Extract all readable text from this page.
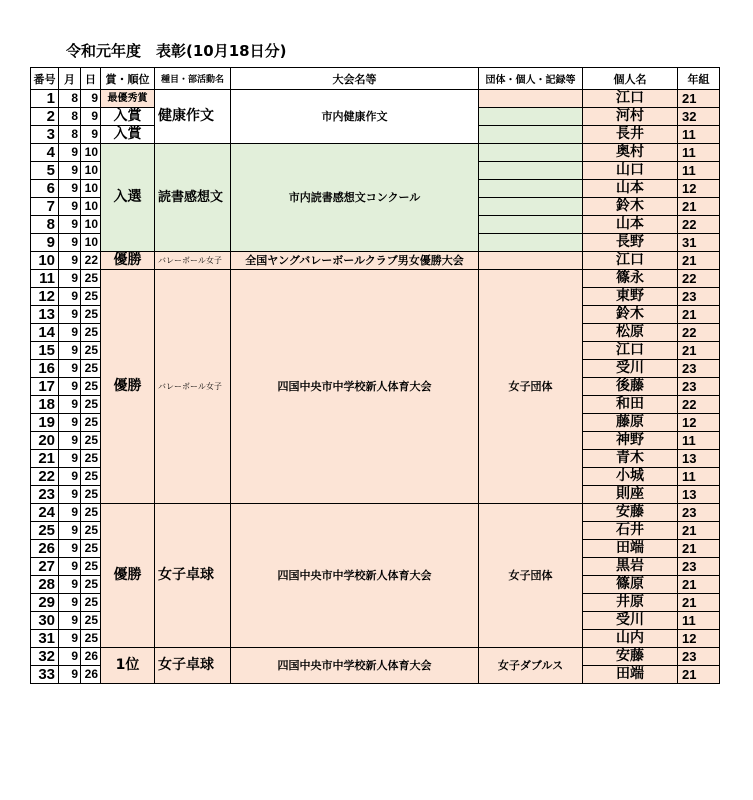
令和元年度　表彰(10月18日分)
番号	月	日	賞・順位	種目・部活動名	大会名等	団体・個人・記録等	個人名	年組
1	8	9	最優秀賞	健康作文	市内健康作文		江口	21
2	8	9	入賞				河村	32
3	8	9	入賞				長井	11
4	9	10	入選	読書感想文	市内読書感想文コンクール		奥村	11
5	9	10					山口	11
6	9	10					山本	12
7	9	10					鈴木	21
8	9	10					山本	22
9	9	10					長野	31
10	9	22	優勝	バレーボール女子	全国ヤングバレーボールクラブ男女優勝大会		江口	21
11	9	25	優勝	バレーボール女子	四国中央市中学校新人体育大会	女子団体	篠永	22
12	9	25					東野	23
13	9	25					鈴木	21
14	9	25					松原	22
15	9	25					江口	21
16	9	25					受川	23
17	9	25					後藤	23
18	9	25					和田	22
19	9	25					藤原	12
20	9	25					神野	11
21	9	25					青木	13
22	9	25					小城	11
23	9	25					則座	13
24	9	25	優勝	女子卓球	四国中央市中学校新人体育大会	女子団体	安藤	23
25	9	25					石井	21
26	9	25					田端	21
27	9	25					黒岩	23
28	9	25					篠原	21
29	9	25					井原	21
30	9	25					受川	11
31	9	25					山内	12
32	9	26	1位	女子卓球	四国中央市中学校新人体育大会	女子ダブルス	安藤	23
33	9	26					田端	21
